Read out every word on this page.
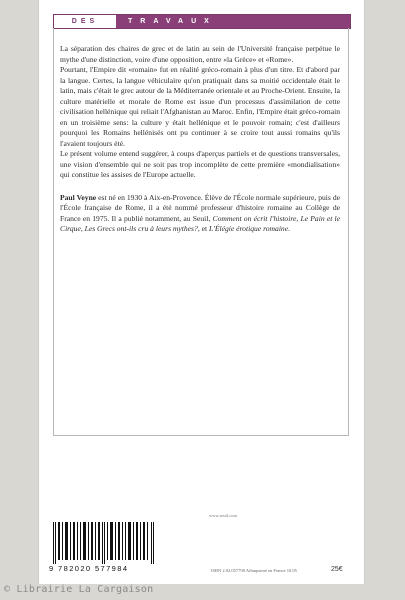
DES	TRAVAUX

La séparation des chaires de grec et de latin au sein de l'Université française perpétue le mythe d'une distinction, voire d'une opposition, entre «la Grèce» et «Rome».

Pourtant, l'Empire dit «romain» fut en réalité gréco-romain à plus d'un titre. Et d'abord par la langue. Certes, la langue véhiculaire qu'on pratiquait dans sa moitié occidentale était le latin, mais c'était le grec autour de la Méditerranée orientale et au Proche-Orient. Ensuite, la culture matérielle et morale de Rome est issue d'un processus d'assimilation de cette civilisation hellénique qui reliait l'Afghanistan au Maroc. Enfin, l'Empire était gréco-romain en un troisième sens: la culture y était hellénique et le pouvoir romain; c'est d'ailleurs pourquoi les Romains hellénisés ont pu continuer à se croire tout aussi romains qu'ils l'avaient toujours été.

Le présent volume entend suggérer, à coups d'aperçus partiels et de questions transversales, une vision d'ensemble qui ne soit pas trop incomplète de cette première «mondialisation» qui constitue les assises de l'Europe actuelle.

Paul Veyne est né en 1930 à Aix-en-Provence. Élève de l'École normale supérieure, puis de l'École française de Rome, il a été nommé professeur d'histoire romaine au Collège de France en 1975. Il a publié notamment, au Seuil, Comment on écrit l'histoire, Le Pain et le Cirque, Les Grecs ont-ils cru à leurs mythes?, et L'Élégie érotique romaine.
www.seuil.com
9 782020 577984	ISBN 2.02.057798 Affanpsimé en France 10.05	25€
© Librairie La Cargaison
